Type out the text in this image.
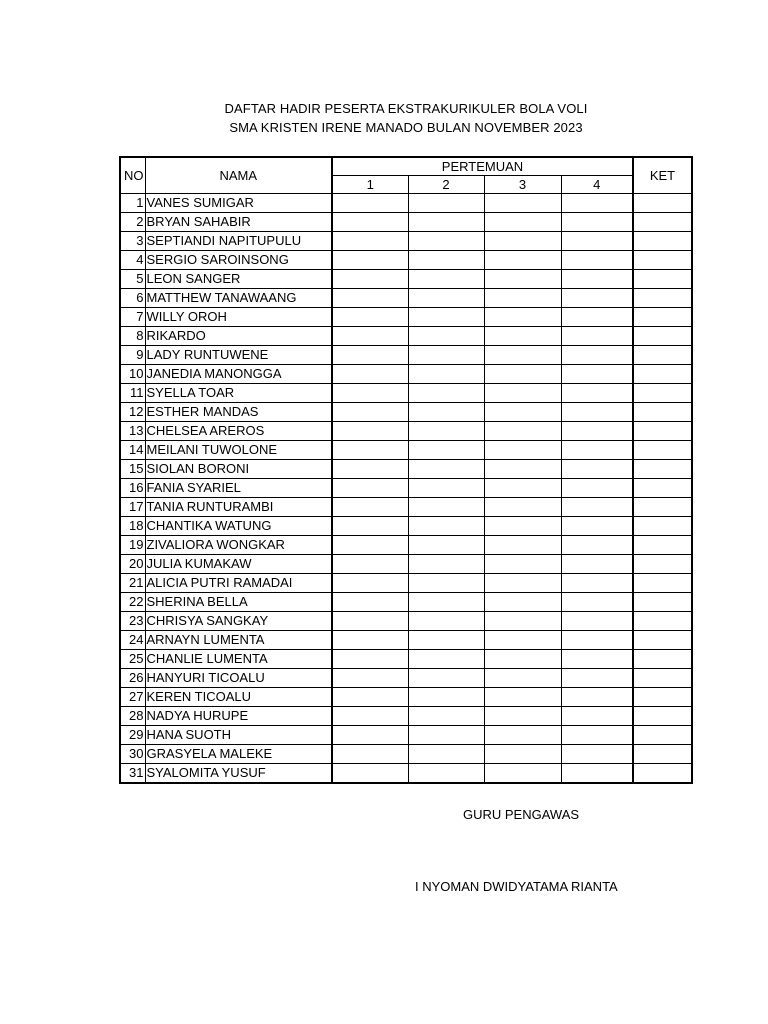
DAFTAR HADIR PESERTA EKSTRAKURIKULER BOLA VOLI
SMA KRISTEN IRENE MANADO BULAN NOVEMBER 2023
NO	NAMA	PERTEMUAN				KET
		1	2	3	4	
1	VANES SUMIGAR					
2	BRYAN SAHABIR					
3	SEPTIANDI NAPITUPULU					
4	SERGIO SAROINSONG					
5	LEON SANGER					
6	MATTHEW TANAWAANG					
7	WILLY OROH					
8	RIKARDO					
9	LADY RUNTUWENE					
10	JANEDIA MANONGGA					
11	SYELLA TOAR					
12	ESTHER MANDAS					
13	CHELSEA AREROS					
14	MEILANI TUWOLONE					
15	SIOLAN BORONI					
16	FANIA SYARIEL					
17	TANIA RUNTURAMBI					
18	CHANTIKA WATUNG					
19	ZIVALIORA WONGKAR					
20	JULIA KUMAKAW					
21	ALICIA PUTRI RAMADAI					
22	SHERINA BELLA					
23	CHRISYA SANGKAY					
24	ARNAYN LUMENTA					
25	CHANLIE LUMENTA					
26	HANYURI TICOALU					
27	KEREN TICOALU					
28	NADYA HURUPE					
29	HANA SUOTH					
30	GRASYELA MALEKE					
31	SYALOMITA YUSUF					
GURU PENGAWAS
I NYOMAN DWIDYATAMA RIANTA
